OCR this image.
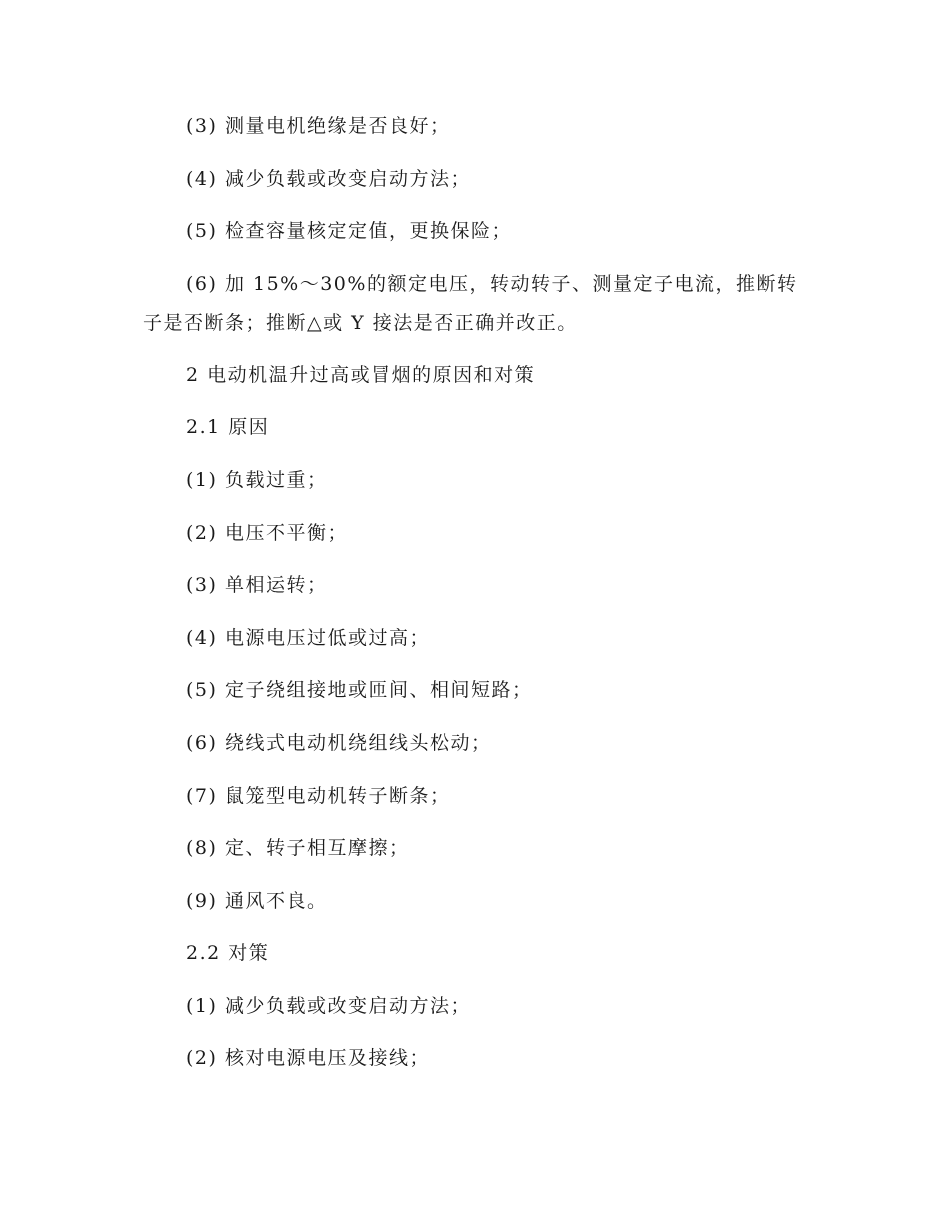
(3) 测量电机绝缘是否良好；
(4) 减少负载或改变启动方法；
(5) 检查容量核定定值，更换保险；
(6) 加 15%～30%的额定电压，转动转子、测量定子电流，推断转
子是否断条；推断△或 Y 接法是否正确并改正。
2 电动机温升过高或冒烟的原因和对策
2.1 原因
(1) 负载过重；
(2) 电压不平衡；
(3) 单相运转；
(4) 电源电压过低或过高；
(5) 定子绕组接地或匝间、相间短路；
(6) 绕线式电动机绕组线头松动；
(7) 鼠笼型电动机转子断条；
(8) 定、转子相互摩擦；
(9) 通风不良。
2.2 对策
(1) 减少负载或改变启动方法；
(2) 核对电源电压及接线；
